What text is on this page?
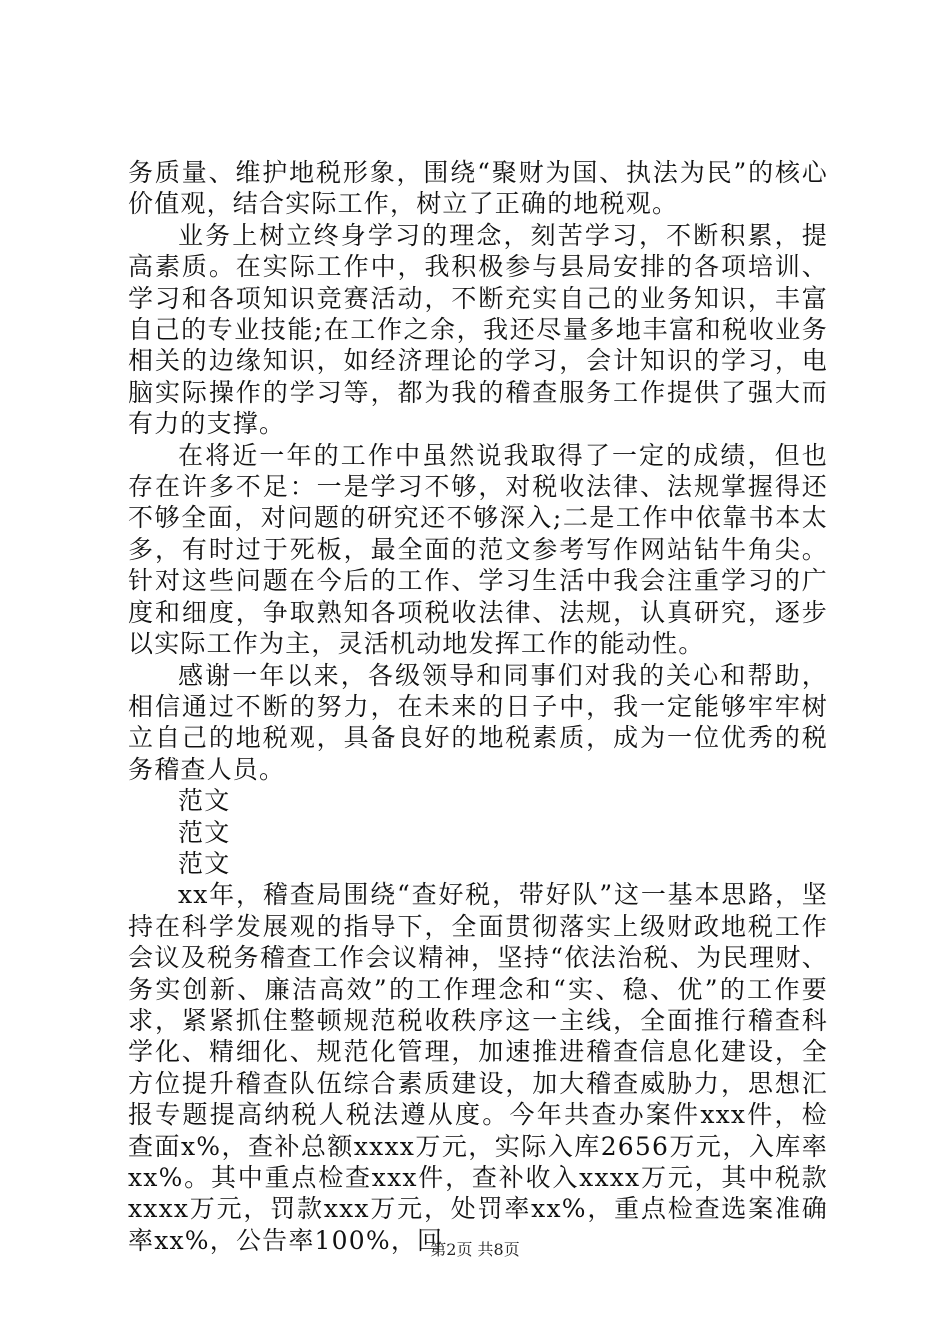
务质量、维护地税形象，围绕“聚财为国、执法为民”的核心价值观，结合实际工作，树立了正确的地税观。

业务上树立终身学习的理念，刻苦学习，不断积累，提高素质。在实际工作中，我积极参与县局安排的各项培训、学习和各项知识竞赛活动，不断充实自己的业务知识，丰富自己的专业技能;在工作之余，我还尽量多地丰富和税收业务相关的边缘知识，如经济理论的学习，会计知识的学习，电脑实际操作的学习等，都为我的稽查服务工作提供了强大而有力的支撑。

在将近一年的工作中虽然说我取得了一定的成绩，但也存在许多不足：一是学习不够，对税收法律、法规掌握得还不够全面，对问题的研究还不够深入;二是工作中依靠书本太多，有时过于死板，最全面的范文参考写作网站钻牛角尖。针对这些问题在今后的工作、学习生活中我会注重学习的广度和细度，争取熟知各项税收法律、法规，认真研究，逐步以实际工作为主，灵活机动地发挥工作的能动性。

感谢一年以来，各级领导和同事们对我的关心和帮助，相信通过不断的努力，在未来的日子中，我一定能够牢牢树立自己的地税观，具备良好的地税素质，成为一位优秀的税务稽查人员。

范文

范文

范文

xx年，稽查局围绕“查好税，带好队”这一基本思路，坚持在科学发展观的指导下，全面贯彻落实上级财政地税工作会议及税务稽查工作会议精神，坚持“依法治税、为民理财、务实创新、廉洁高效”的工作理念和“实、稳、优”的工作要求，紧紧抓住整顿规范税收秩序这一主线，全面推行稽查科学化、精细化、规范化管理，加速推进稽查信息化建设，全方位提升稽查队伍综合素质建设，加大稽查威胁力，思想汇报专题提高纳税人税法遵从度。今年共查办案件xxx件，检查面x%，查补总额xxxx万元，实际入库2656万元，入库率xx%。其中重点检查xxx件，查补收入xxxx万元，其中税款xxxx万元，罚款xxx万元，处罚率xx%，重点检查选案准确率xx%，公告率100%，回

第2页 共8页
